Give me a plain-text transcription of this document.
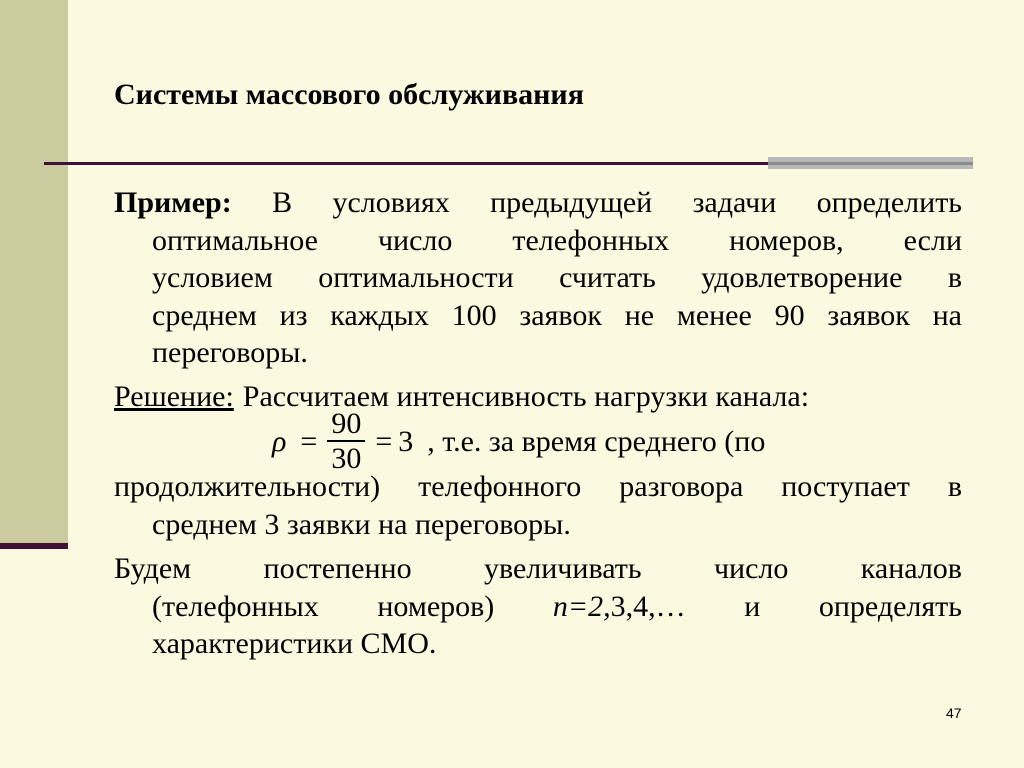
Системы массового обслуживания
Пример: В условиях предыдущей задачи определить
оптимальное число телефонных номеров, если
условием оптимальности считать удовлетворение в
среднем из каждых 100 заявок не менее 90 заявок на
переговоры.
Решение: Рассчитаем интенсивность нагрузки канала:
$\rho = \frac{90}{30} = 3$ , т.е. за время среднего (по
продолжительности) телефонного разговора поступает в
среднем 3 заявки на переговоры.
Будем постепенно увеличивать число каналов
(телефонных номеров) n=2,3,4,… и определять
характеристики СМО.
47
